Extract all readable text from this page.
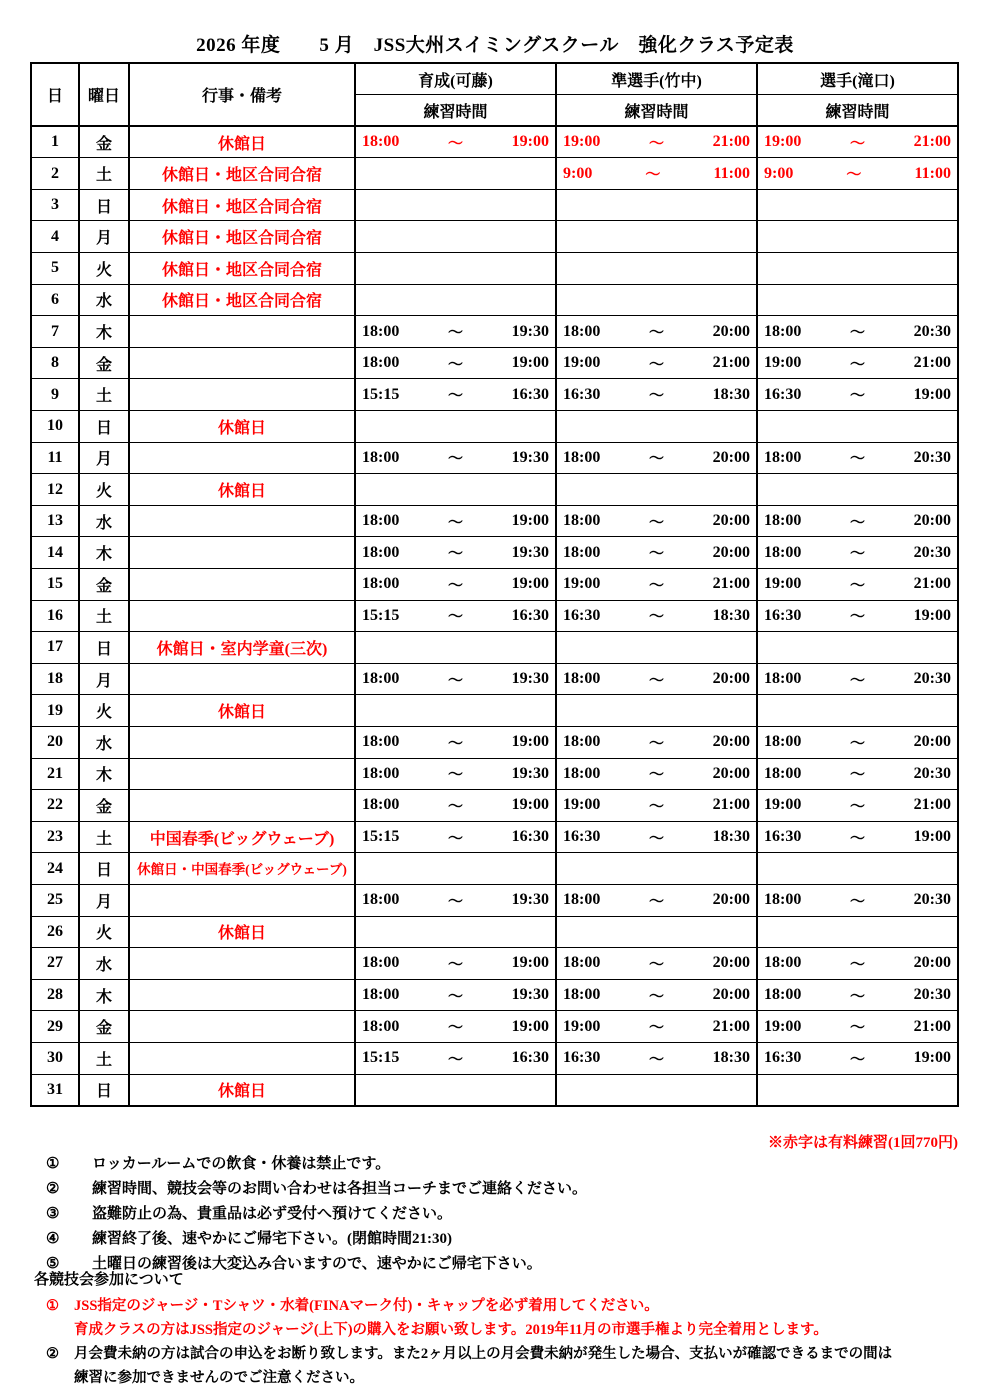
2026 年度　　5 月　JSS大州スイミングスクール　強化クラス予定表
日	曜日	行事・備考	育成(可藤)	準選手(竹中)	選手(滝口)
			練習時間	練習時間	練習時間
1	金	休館日	18:00 ～ 19:00	19:00 ～ 21:00	19:00 ～ 21:00

2	土	休館日・地区合同合宿		9:00 ～ 11:00	9:00 ～ 11:00

3	日	休館日・地区合同合宿			
4	月	休館日・地区合同合宿			
5	火	休館日・地区合同合宿			
6	水	休館日・地区合同合宿			
7	木		18:00 ～ 19:30	18:00 ～ 20:00	18:00 ～ 20:30

8	金		18:00 ～ 19:00	19:00 ～ 21:00	19:00 ～ 21:00

9	土		15:15 ～ 16:30	16:30 ～ 18:30	16:30 ～ 19:00

10	日	休館日			
11	月		18:00 ～ 19:30	18:00 ～ 20:00	18:00 ～ 20:30

12	火	休館日			
13	水		18:00 ～ 19:00	18:00 ～ 20:00	18:00 ～ 20:00

14	木		18:00 ～ 19:30	18:00 ～ 20:00	18:00 ～ 20:30

15	金		18:00 ～ 19:00	19:00 ～ 21:00	19:00 ～ 21:00

16	土		15:15 ～ 16:30	16:30 ～ 18:30	16:30 ～ 19:00

17	日	休館日・室内学童(三次)			
18	月		18:00 ～ 19:30	18:00 ～ 20:00	18:00 ～ 20:30

19	火	休館日			
20	水		18:00 ～ 19:00	18:00 ～ 20:00	18:00 ～ 20:00

21	木		18:00 ～ 19:30	18:00 ～ 20:00	18:00 ～ 20:30

22	金		18:00 ～ 19:00	19:00 ～ 21:00	19:00 ～ 21:00

23	土	中国春季(ビッグウェーブ)	15:15 ～ 16:30	16:30 ～ 18:30	16:30 ～ 19:00

24	日	休館日・中国春季(ビッグウェーブ)			
25	月		18:00 ～ 19:30	18:00 ～ 20:00	18:00 ～ 20:30

26	火	休館日			
27	水		18:00 ～ 19:00	18:00 ～ 20:00	18:00 ～ 20:00

28	木		18:00 ～ 19:30	18:00 ～ 20:00	18:00 ～ 20:30

29	金		18:00 ～ 19:00	19:00 ～ 21:00	19:00 ～ 21:00

30	土		15:15 ～ 16:30	16:30 ～ 18:30	16:30 ～ 19:00

31	日	休館日			
※赤字は有料練習(1回770円)
①	ロッカールームでの飲食・休養は禁止です。
②	練習時間、競技会等のお問い合わせは各担当コーチまでご連絡ください。
③	盗難防止の為、貴重品は必ず受付へ預けてください。
④	練習終了後、速やかにご帰宅下さい。(閉館時間21:30)
⑤	土曜日の練習後は大変込み合いますので、速やかにご帰宅下さい。
各競技会参加について
①	JSS指定のジャージ・Tシャツ・水着(FINAマーク付)・キャップを必ず着用してください。
育成クラスの方はJSS指定のジャージ(上下)の購入をお願い致します。2019年11月の市選手権より完全着用とします。
②	月会費未納の方は試合の申込をお断り致します。また2ヶ月以上の月会費未納が発生した場合、支払いが確認できるまでの間は
練習に参加できませんのでご注意ください。
